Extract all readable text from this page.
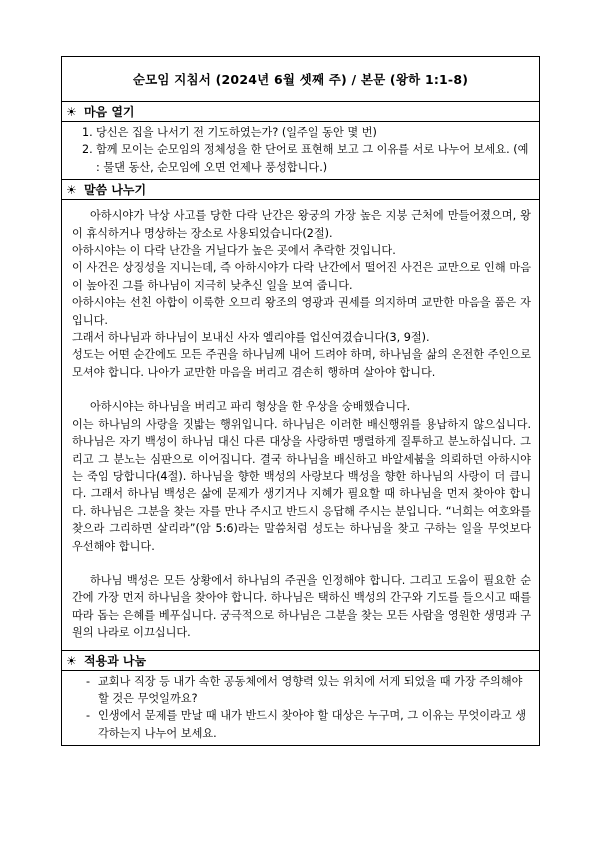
순모임 지침서 (2024년 6월 셋째 주) / 본문 (왕하 1:1-8)
☀ 마음 열기

1. 당신은 집을 나서기 전 기도하였는가? (일주일 동안 몇 번)
2. 함께 모이는 순모임의 정체성을 한 단어로 표현해 보고 그 이유를 서로 나누어 보세요. (예 : 물댄 동산, 순모임에 오면 언제나 풍성합니다.)

☀ 말씀 나누기

아하시야가 낙상 사고를 당한 다락 난간은 왕궁의 가장 높은 지붕 근처에 만들어졌으며, 왕이 휴식하거나 명상하는 장소로 사용되었습니다(2절).

아하시야는 이 다락 난간을 거닐다가 높은 곳에서 추락한 것입니다.

이 사건은 상징성을 지니는데, 즉 아하시야가 다락 난간에서 떨어진 사건은 교만으로 인해 마음이 높아진 그를 하나님이 지극히 낮추신 일을 보여 줍니다.

아하시야는 선친 아합이 이룩한 오므리 왕조의 영광과 권세를 의지하며 교만한 마음을 품은 자입니다.

그래서 하나님과 하나님이 보내신 사자 엘리야를 업신여겼습니다(3, 9절).

성도는 어떤 순간에도 모든 주권을 하나님께 내어 드려야 하며, 하나님을 삶의 온전한 주인으로 모셔야 합니다. 나아가 교만한 마음을 버리고 겸손히 행하며 살아야 합니다.

아하시야는 하나님을 버리고 파리 형상을 한 우상을 숭배했습니다.

이는 하나님의 사랑을 짓밟는 행위입니다. 하나님은 이러한 배신행위를 용납하지 않으십니다. 하나님은 자기 백성이 하나님 대신 다른 대상을 사랑하면 맹렬하게 질투하고 분노하십니다. 그리고 그 분노는 심판으로 이어집니다. 결국 하나님을 배신하고 바알세붑을 의뢰하던 아하시야는 죽임 당합니다(4절). 하나님을 향한 백성의 사랑보다 백성을 향한 하나님의 사랑이 더 큽니다. 그래서 하나님 백성은 삶에 문제가 생기거나 지혜가 필요할 때 하나님을 먼저 찾아야 합니다. 하나님은 그분을 찾는 자를 만나 주시고 반드시 응답해 주시는 분입니다. “너희는 여호와를 찾으라 그리하면 살리라”(암 5:6)라는 말씀처럼 성도는 하나님을 찾고 구하는 일을 무엇보다 우선해야 합니다.

하나님 백성은 모든 상황에서 하나님의 주권을 인정해야 합니다. 그리고 도움이 필요한 순간에 가장 먼저 하나님을 찾아야 합니다. 하나님은 택하신 백성의 간구와 기도를 들으시고 때를 따라 돕는 은혜를 베푸십니다. 궁극적으로 하나님은 그분을 찾는 모든 사람을 영원한 생명과 구원의 나라로 이끄십니다.

☀ 적용과 나눔

- 교회나 직장 등 내가 속한 공동체에서 영향력 있는 위치에 서게 되었을 때 가장 주의해야 할 것은 무엇일까요?
- 인생에서 문제를 만날 때 내가 반드시 찾아야 할 대상은 누구며, 그 이유는 무엇이라고 생각하는지 나누어 보세요.
